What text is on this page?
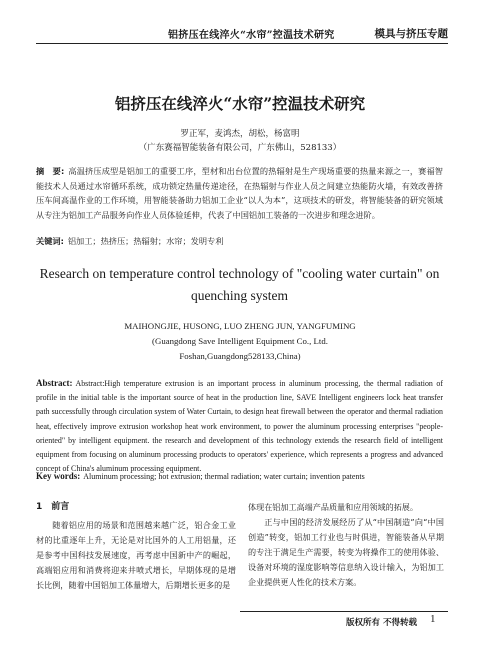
铝挤压在线淬火“水帘”控温技术研究	模具与挤压专题
铝挤压在线淬火“水帘”控温技术研究
罗正军，麦鸿杰，胡松，杨富明
（广东赛福智能装备有限公司，广东佛山，528133）
摘　要: 高温挤压成型是铝加工的重要工序，型材和出台位置的热辐射是生产现场重要的热量来源之一，赛福智能技术人员通过水帘循环系统，成功锁定热量传递途径，在热辐射与作业人员之间建立热能防火墙，有效改善挤压车间高温作业的工作环境，用智能装备助力铝加工企业“以人为本”，这项技术的研发，将智能装备的研究领域从专注为铝加工产品服务向作业人员体验延伸，代表了中国铝加工装备的一次进步和理念进阶。
关键词: 铝加工；热挤压；热辐射；水帘；发明专利
Research on temperature control technology of "cooling water curtain" on quenching system
MAIHONGJIE, HUSONG, LUO ZHENG JUN, YANGFUMING
(Guangdong Save Intelligent Equipment Co., Ltd.
Foshan,Guangdong528133,China)
Abstract: Abstract:High temperature extrusion is an important process in aluminum processing, the thermal radiation of profile in the initial table is the important source of heat in the production line, SAVE Intelligent engineers lock heat transfer path successfully through circulation system of Water Curtain, to design heat firewall between the operator and thermal radiation heat, effectively improve extrusion workshop heat work environment, to power the aluminum processing enterprises "people-oriented" by intelligent equipment. the research and development of this technology extends the research field of intelligent equipment from focusing on aluminum processing products to operators' experience, which represents a progress and advanced concept of China's aluminum processing equipment.
Key words: Aluminum processing; hot extrusion; thermal radiation; water curtain; invention patents
1　前言

随着铝应用的场景和范围越来越广泛，铝合金工业材的比重逐年上升，无论是对比国外的人工用铝量，还是参考中国科技发展速度，再考虑中国新中产的崛起，高端铝应用和消费将迎来井喷式增长，早期体现的是增长比例，随着中国铝加工体量增大，后期增长更多的是

体现在铝加工高端产品质量和应用领域的拓展。

正与中国的经济发展经历了从“中国制造”向“中国创造”转变，铝加工行业也与时俱进，智能装备从早期的专注于满足生产需要，转变为将操作工的使用体验、设备对环境的湿度影响等信息纳入设计输入，为铝加工企业提供更人性化的技术方案。

版权所有 不得转载 1
